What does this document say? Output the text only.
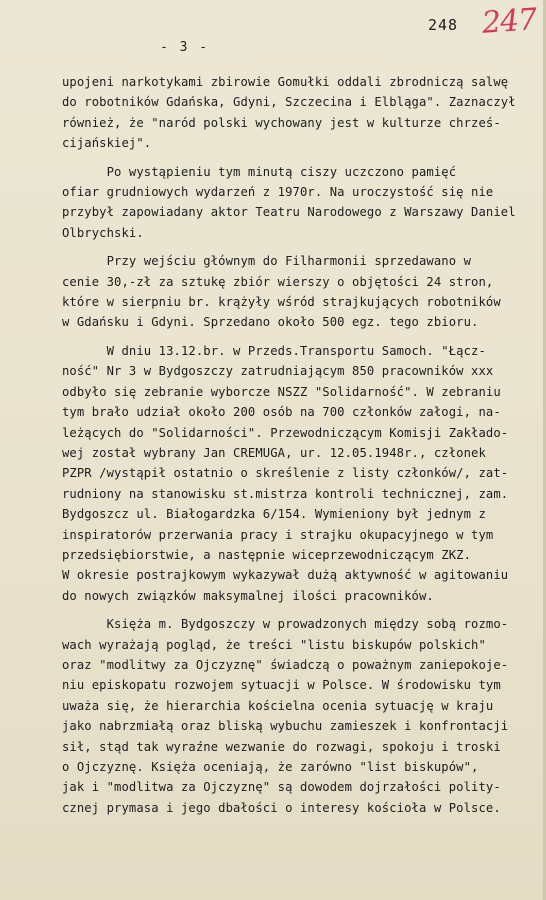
248 247
- 3 -
upojeni narkotykami zbirowie Gomułki oddali zbrodniczą salwę
do robotników Gdańska, Gdyni, Szczecina i Elbląga". Zaznaczył
również, że "naród polski wychowany jest w kulturze chrześ-
cijańskiej".
Po wystąpieniu tym minutą ciszy uczczono pamięć
ofiar grudniowych wydarzeń z 1970r. Na uroczystość się nie
przybył zapowiadany aktor Teatru Narodowego z Warszawy Daniel
Olbrychski.
Przy wejściu głównym do Filharmonii sprzedawano w
cenie 30,-zł za sztukę zbiór wierszy o objętości 24 stron,
które w sierpniu br. krążyły wśród strajkujących robotników
w Gdańsku i Gdyni. Sprzedano około 500 egz. tego zbioru.
W dniu 13.12.br. w Przeds.Transportu Samoch. "Łącz-
ność" Nr 3 w Bydgoszczy zatrudniającym 850 pracowników xxx
odbyło się zebranie wyborcze NSZZ "Solidarność". W zebraniu
tym brało udział około 200 osób na 700 członków załogi, na-
leżących do "Solidarności". Przewodniczącym Komisji Zakłado-
wej został wybrany Jan CREMUGA, ur. 12.05.1948r., członek
PZPR /wystąpił ostatnio o skreślenie z listy członków/, zat-
rudniony na stanowisku st.mistrza kontroli technicznej, zam.
Bydgoszcz ul. Białogardzka 6/154. Wymieniony był jednym z
inspiratorów przerwania pracy i strajku okupacyjnego w tym
przedsiębiorstwie, a następnie wiceprzewodniczącym ZKZ.
W okresie postrajkowym wykazywał dużą aktywność w agitowaniu
do nowych związków maksymalnej ilości pracowników.
Księża m. Bydgoszczy w prowadzonych między sobą rozmo-
wach wyrażają pogląd, że treści "listu biskupów polskich"
oraz "modlitwy za Ojczyznę" świadczą o poważnym zaniepokoje-
niu episkopatu rozwojem sytuacji w Polsce. W środowisku tym
uważa się, że hierarchia kościelna ocenia sytuację w kraju
jako nabrzmiałą oraz bliską wybuchu zamieszek i konfrontacji
sił, stąd tak wyraźne wezwanie do rozwagi, spokoju i troski
o Ojczyznę. Księża oceniają, że zarówno "list biskupów",
jak i "modlitwa za Ojczyznę" są dowodem dojrzałości polity-
cznej prymasa i jego dbałości o interesy kościoła w Polsce.
